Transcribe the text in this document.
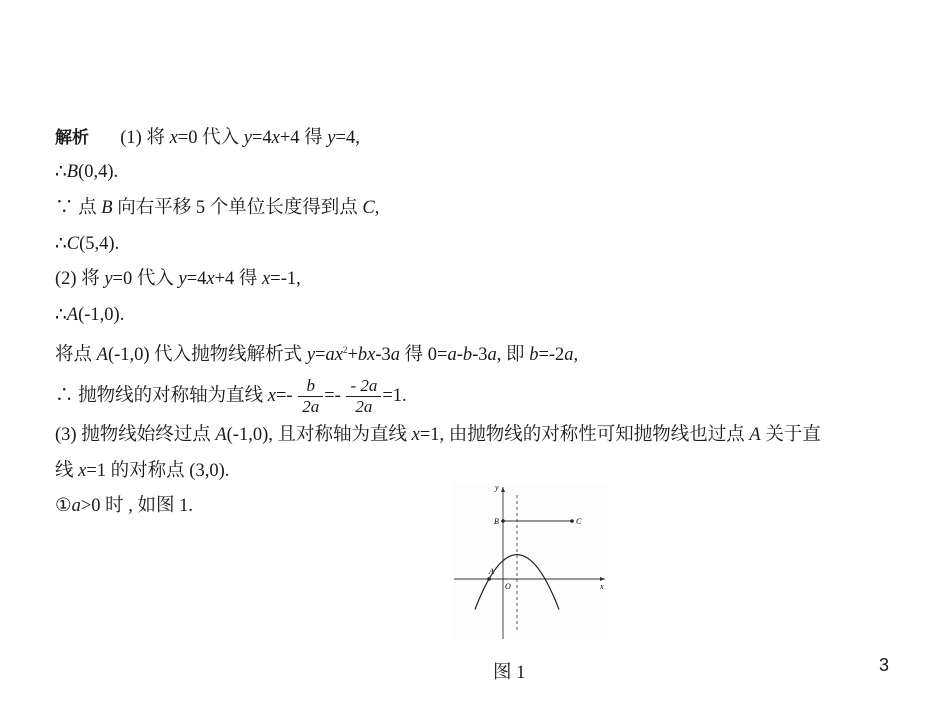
解析 (1) 将 x=0 代入 y=4x+4 得 y=4,
∴B(0,4).
∵ 点 B 向右平移 5 个单位长度得到点 C,
∴C(5,4).
(2) 将 y=0 代入 y=4x+4 得 x=-1,
∴A(-1,0).
将点 A(-1,0) 代入抛物线解析式 $y=ax^2+bx-3a$ 得 0=a-b-3a, 即 b=-2a,
∴ 抛物线的对称轴为直线 $x=- \frac{b}{2a} =- \frac{- 2a}{2a} =1$.
(3) 抛物线始终过点 A(-1,0), 且对称轴为直线 x=1, 由抛物线的对称性可知抛物线也过点 A 关于直
线 x=1 的对称点 (3,0).
①a>0 时 , 如图 1.
y
x
O
A
B	C
图 1	3
